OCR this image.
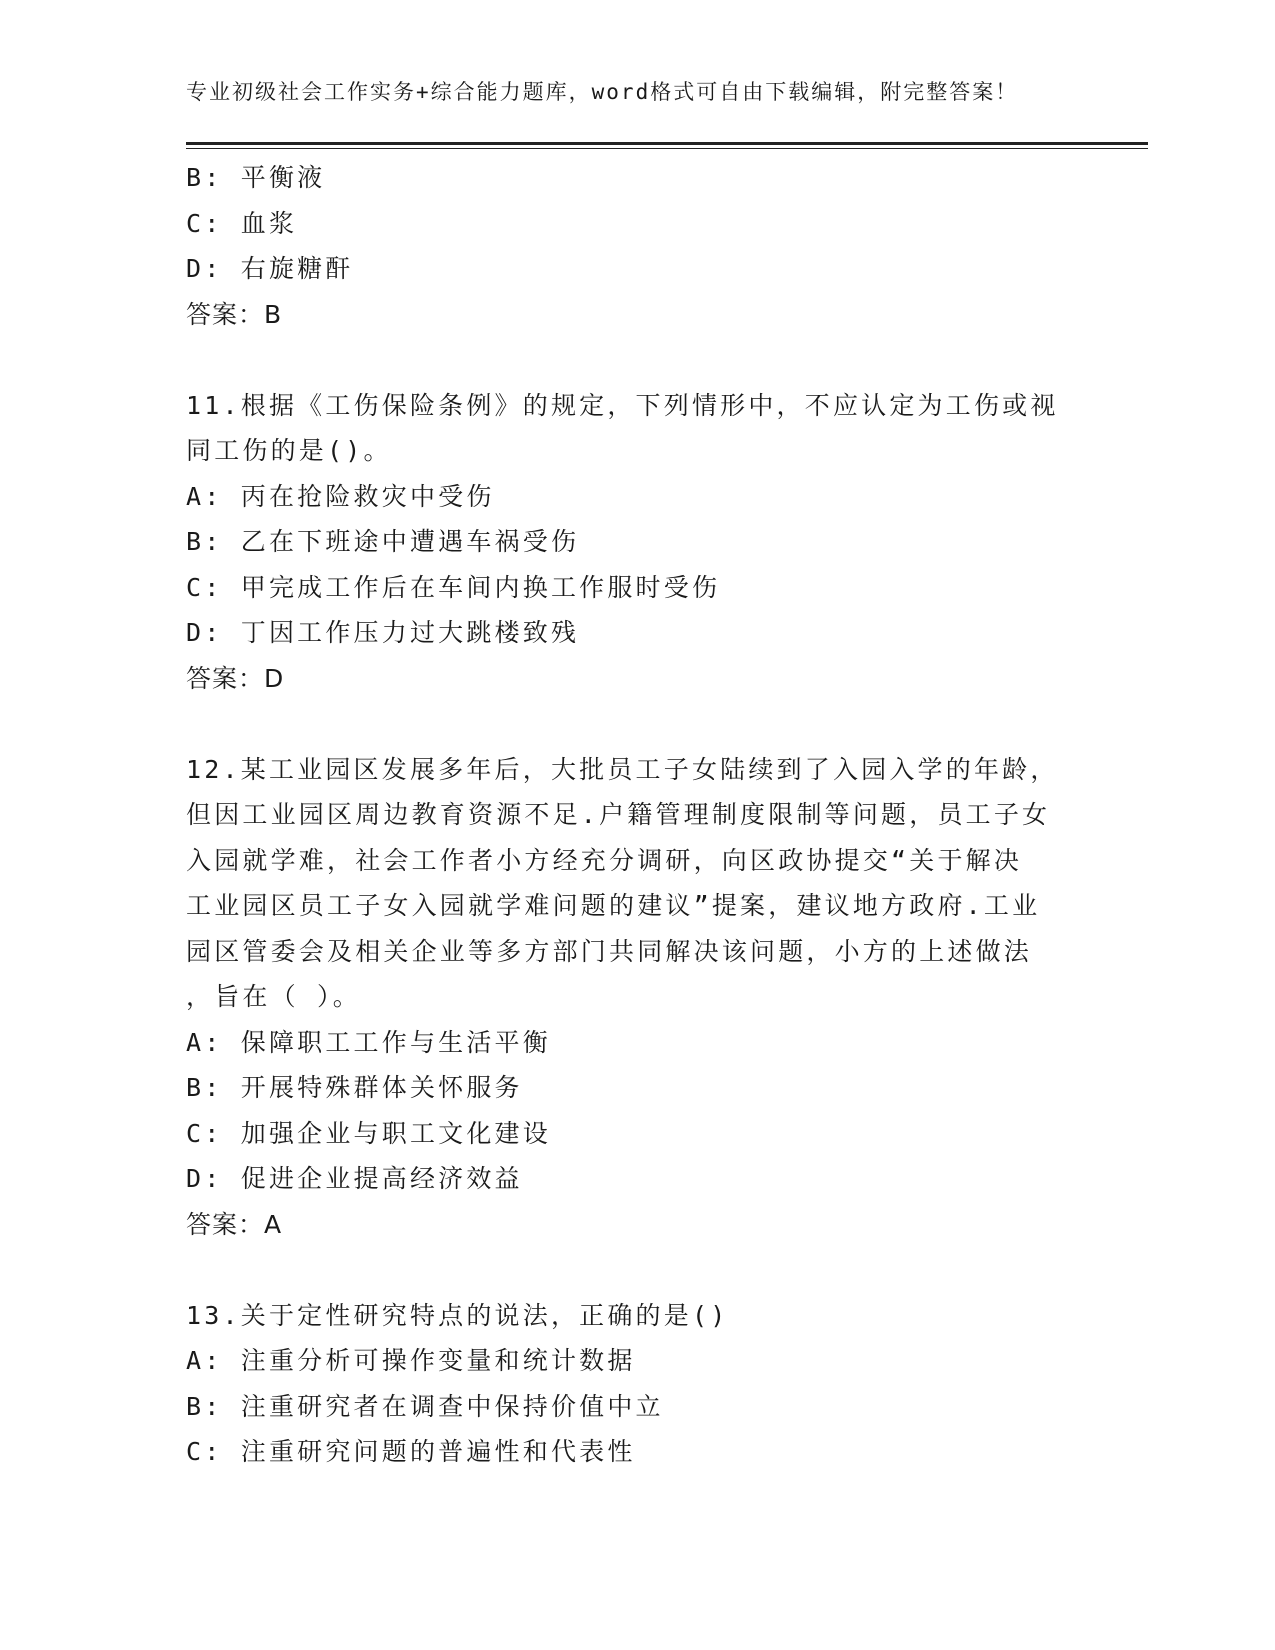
专业初级社会工作实务+综合能力题库，word格式可自由下载编辑，附完整答案！
B: 平衡液
C: 血浆
D: 右旋糖酐
答案：B
11.根据《工伤保险条例》的规定，下列情形中，不应认定为工伤或视
同工伤的是()。
A: 丙在抢险救灾中受伤
B: 乙在下班途中遭遇车祸受伤
C: 甲完成工作后在车间内换工作服时受伤
D: 丁因工作压力过大跳楼致残
答案：D
12.某工业园区发展多年后，大批员工子女陆续到了入园入学的年龄，
但因工业园区周边教育资源不足.户籍管理制度限制等问题，员工子女
入园就学难，社会工作者小方经充分调研，向区政协提交“关于解决
工业园区员工子女入园就学难问题的建议”提案，建议地方政府.工业
园区管委会及相关企业等多方部门共同解决该问题，小方的上述做法
，旨在（ ）。
A: 保障职工工作与生活平衡
B: 开展特殊群体关怀服务
C: 加强企业与职工文化建设
D: 促进企业提高经济效益
答案：A
13.关于定性研究特点的说法，正确的是()
A: 注重分析可操作变量和统计数据
B: 注重研究者在调查中保持价值中立
C: 注重研究问题的普遍性和代表性
